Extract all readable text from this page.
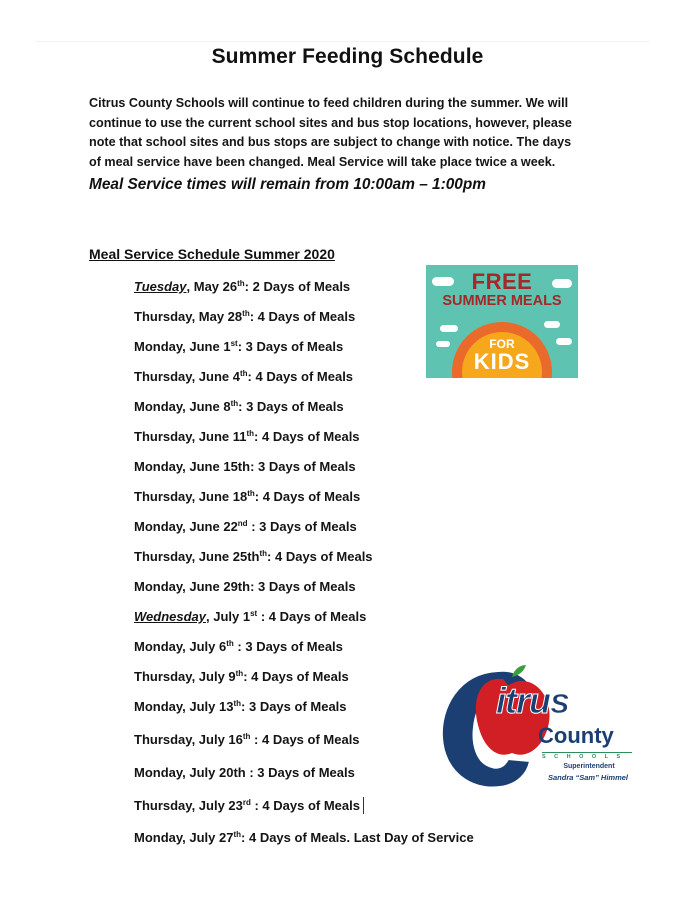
Summer Feeding Schedule
Citrus County Schools will continue to feed children during the summer. We will
continue to use the current school sites and bus stop locations, however, please
note that school sites and bus stops are subject to change with notice. The days
of meal service have been changed. Meal Service will take place twice a week.
Meal Service times will remain from 10:00am – 1:00pm
Meal Service Schedule Summer 2020
Tuesday, May 26th: 2 Days of Meals
Thursday, May 28th: 4 Days of Meals
Monday, June 1st: 3 Days of Meals
Thursday, June 4th: 4 Days of Meals
Monday, June 8th: 3 Days of Meals
Thursday, June 11th: 4 Days of Meals
Monday, June 15th: 3 Days of Meals
Thursday, June 18th: 4 Days of Meals
Monday, June 22nd : 3 Days of Meals
Thursday, June $25th^{th}$: 4 Days of Meals
Monday, June 29th: 3 Days of Meals
Wednesday, July 1st : 4 Days of Meals
Monday, July 6th : 3 Days of Meals
Thursday, July 9th: 4 Days of Meals
Monday, July 13th: 3 Days of Meals
Thursday, July 16th : 4 Days of Meals
Monday, July 20th : 3 Days of Meals
Thursday, July 23rd : 4 Days of Meals
Monday, July 27th: 4 Days of Meals. Last Day of Service
FREE
SUMMER MEALS
FOR
KIDS
itrus
County
SCHOOLS
Superintendent
Sandra “Sam” Himmel
